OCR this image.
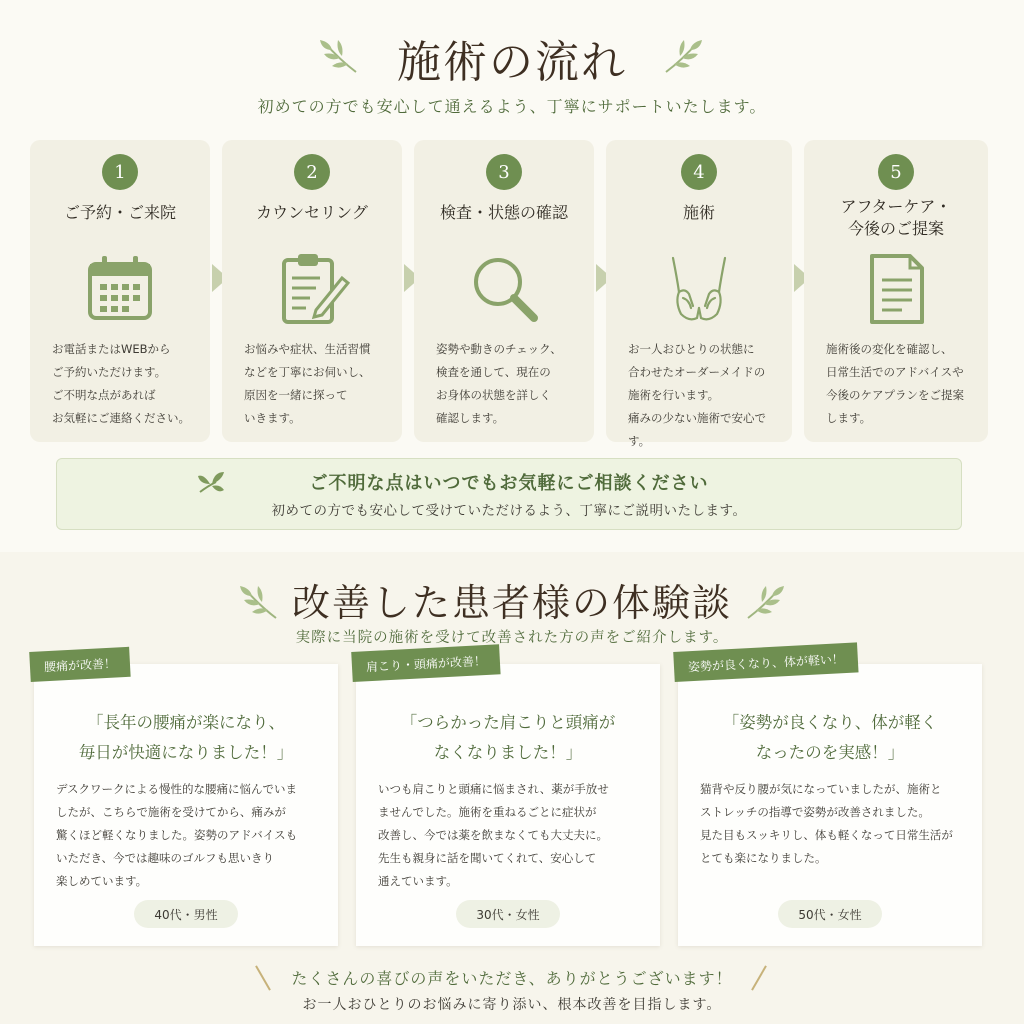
施術の流れ
初めての方でも安心して通えるよう、丁寧にサポートいたします。
1
ご予約・ご来院
お電話またはWEBから
ご予約いただけます。
ご不明な点があれば
お気軽にご連絡ください。
2
カウンセリング
お悩みや症状、生活習慣
などを丁寧にお伺いし、
原因を一緒に探って
いきます。
3
検査・状態の確認
姿勢や動きのチェック、
検査を通して、現在の
お身体の状態を詳しく
確認します。
4
施術
お一人おひとりの状態に
合わせたオーダーメイドの
施術を行います。
痛みの少ない施術で安心です。
5
アフターケア・
今後のご提案
施術後の変化を確認し、
日常生活でのアドバイスや
今後のケアプランをご提案
します。
ご不明な点はいつでもお気軽にご相談ください
初めての方でも安心して受けていただけるよう、丁寧にご説明いたします。
改善した患者様の体験談
実際に当院の施術を受けて改善された方の声をご紹介します。
腰痛が改善！
「長年の腰痛が楽になり、
毎日が快適になりました！」
デスクワークによる慢性的な腰痛に悩んでいま
したが、こちらで施術を受けてから、痛みが
驚くほど軽くなりました。姿勢のアドバイスも
いただき、今では趣味のゴルフも思いきり
楽しめています。
40代・男性
肩こり・頭痛が改善！
「つらかった肩こりと頭痛が
なくなりました！」
いつも肩こりと頭痛に悩まされ、薬が手放せ
ませんでした。施術を重ねるごとに症状が
改善し、今では薬を飲まなくても大丈夫に。
先生も親身に話を聞いてくれて、安心して
通えています。
30代・女性
姿勢が良くなり、体が軽い！
「姿勢が良くなり、体が軽く
なったのを実感！」
猫背や反り腰が気になっていましたが、施術と
ストレッチの指導で姿勢が改善されました。
見た目もスッキリし、体も軽くなって日常生活が
とても楽になりました。
50代・女性
たくさんの喜びの声をいただき、ありがとうございます！
お一人おひとりのお悩みに寄り添い、根本改善を目指します。
